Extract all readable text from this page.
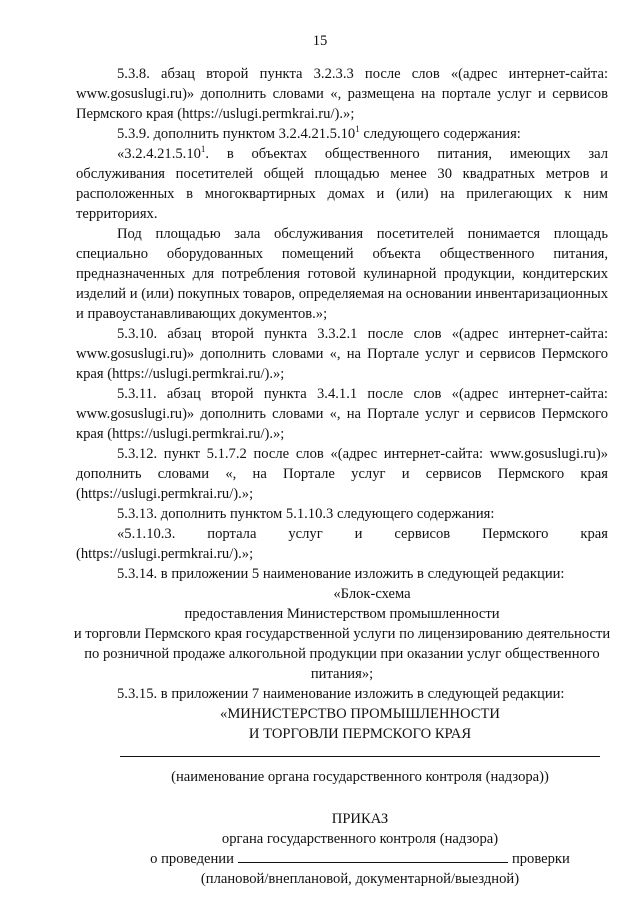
15

5.3.8. абзац второй пункта 3.2.3.3 после слов «(адрес интернет-сайта: www.gosuslugi.ru)» дополнить словами «, размещена на портале услуг и сервисов Пермского края (https://uslugi.permkrai.ru/).»;

5.3.9. дополнить пунктом 3.2.4.21.5.10$^1$ следующего содержания:

«3.2.4.21.5.10$^1$. в объектах общественного питания, имеющих зал обслуживания посетителей общей площадью менее 30 квадратных метров и расположенных в многоквартирных домах и (или) на прилегающих к ним территориях.

Под площадью зала обслуживания посетителей понимается площадь специально оборудованных помещений объекта общественного питания, предназначенных для потребления готовой кулинарной продукции, кондитерских изделий и (или) покупных товаров, определяемая на основании инвентаризационных и правоустанавливающих документов.»;

5.3.10. абзац второй пункта 3.3.2.1 после слов «(адрес интернет-сайта: www.gosuslugi.ru)» дополнить словами «, на Портале услуг и сервисов Пермского края (https://uslugi.permkrai.ru/).»;

5.3.11. абзац второй пункта 3.4.1.1 после слов «(адрес интернет-сайта: www.gosuslugi.ru)» дополнить словами «, на Портале услуг и сервисов Пермского края (https://uslugi.permkrai.ru/).»;

5.3.12. пункт 5.1.7.2 после слов «(адрес интернет-сайта: www.gosuslugi.ru)» дополнить словами «, на Портале услуг и сервисов Пермского края (https://uslugi.permkrai.ru/).»;

5.3.13. дополнить пунктом 5.1.10.3 следующего содержания:

«5.1.10.3. портала услуг и сервисов Пермского края (https://uslugi.permkrai.ru/).»;

5.3.14. в приложении 5 наименование изложить в следующей редакции:

«Блок-схема

предоставления Министерством промышленности

и торговли Пермского края государственной услуги по лицензированию деятельности по розничной продаже алкогольной продукции при оказании услуг общественного питания»;

5.3.15. в приложении 7 наименование изложить в следующей редакции:

«МИНИСТЕРСТВО ПРОМЫШЛЕННОСТИ

И ТОРГОВЛИ ПЕРМСКОГО КРАЯ

(наименование органа государственного контроля (надзора))

ПРИКАЗ

органа государственного контроля (надзора)

о проведении	проверки

(плановой/внеплановой, документарной/выездной)
